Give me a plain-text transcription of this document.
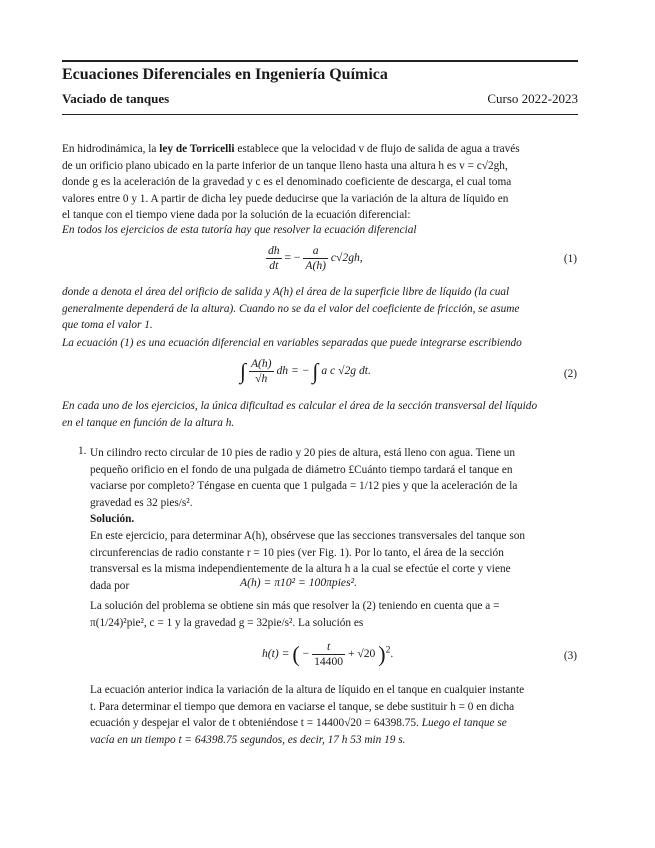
Ecuaciones Diferenciales en Ingeniería Química
Vaciado de tanques	Curso 2022-2023
En hidrodinámica, la ley de Torricelli establece que la velocidad v de flujo de salida de agua a través
de un orificio plano ubicado en la parte inferior de un tanque lleno hasta una altura h es v = c√2gh,
donde g es la aceleración de la gravedad y c es el denominado coeficiente de descarga, el cual toma
valores entre 0 y 1. A partir de dicha ley puede deducirse que la variación de la altura de líquido en
el tanque con el tiempo viene dada por la solución de la ecuación diferencial:
En todos los ejercicios de esta tutoría hay que resolver la ecuación diferencial
$\frac{dh}{dt}$ = − $\frac{a}{A(h)} c√2gh$,	(1)
donde a denota el área del orificio de salida y A(h) el área de la superficie libre de líquido (la cual
generalmente dependerá de la altura). Cuando no se da el valor del coeficiente de fricción, se asume
que toma el valor 1.
La ecuación (1) es una ecuación diferencial en variables separadas que puede integrarse escribiendo
∫ $\frac{A(h)}{√h}$ dh = − ∫ a c √2g dt.	(2)
En cada uno de los ejercicios, la única dificultad es calcular el área de la sección transversal del líquido
en el tanque en función de la altura h.
1. Un cilindro recto circular de 10 pies de radio y 20 pies de altura, está lleno con agua. Tiene un
pequeño orificio en el fondo de una pulgada de diámetro £Cuánto tiempo tardará el tanque en
vaciarse por completo? Téngase en cuenta que 1 pulgada = 1/12 pies y que la aceleración de la
gravedad es 32 pies/s².
Solución.
En este ejercicio, para determinar A(h), obsérvese que las secciones transversales del tanque son
circunferencias de radio constante r = 10 pies (ver Fig. 1). Por lo tanto, el área de la sección
transversal es la misma independientemente de la altura h a la cual se efectúe el corte y viene
dada por	A(h) = π10² = 100πpies².
La solución del problema se obtiene sin más que resolver la (2) teniendo en cuenta que a =
π(1/24)²pie², c = 1 y la gravedad g = 32pie/s². La solución es
h(t) = ( − $\frac{t}{14400} + √20$ )$^2$.	(3)
La ecuación anterior indica la variación de la altura de líquido en el tanque en cualquier instante
t. Para determinar el tiempo que demora en vaciarse el tanque, se debe sustituir h = 0 en dicha
ecuación y despejar el valor de t obteniéndose t = 14400√20 = 64398.75. Luego el tanque se
vacía en un tiempo t = 64398.75 segundos, es decir, 17 h 53 min 19 s.
